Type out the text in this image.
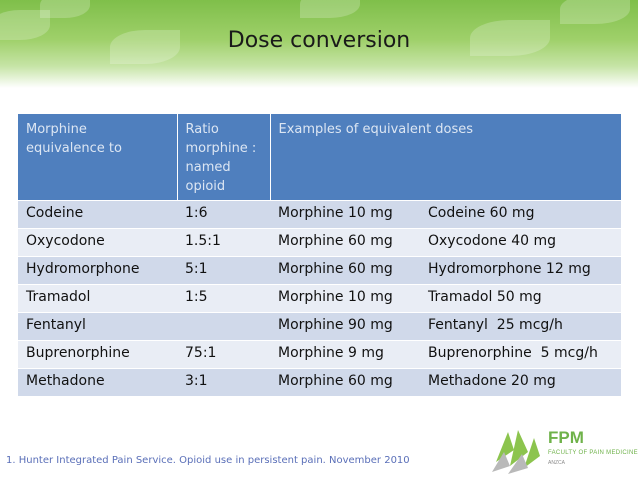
Dose conversion
Morphine equivalence to	Ratio morphine : named opioid	Examples of equivalent doses	
Codeine	1:6	Morphine 10 mg	Codeine 60 mg
Oxycodone	1.5:1	Morphine 60 mg	Oxycodone 40 mg
Hydromorphone	5:1	Morphine 60 mg	Hydromorphone 12 mg
Tramadol	1:5	Morphine 10 mg	Tramadol 50 mg
Fentanyl		Morphine 90 mg	Fentanyl  25 mcg/h
Buprenorphine	75:1	Morphine 9 mg	Buprenorphine  5 mcg/h
Methadone	3:1	Morphine 60 mg	Methadone 20 mg
1. Hunter Integrated Pain Service. Opioid use in persistent pain. November 2010
FPM
FACULTY OF PAIN MEDICINE
ANZCA
